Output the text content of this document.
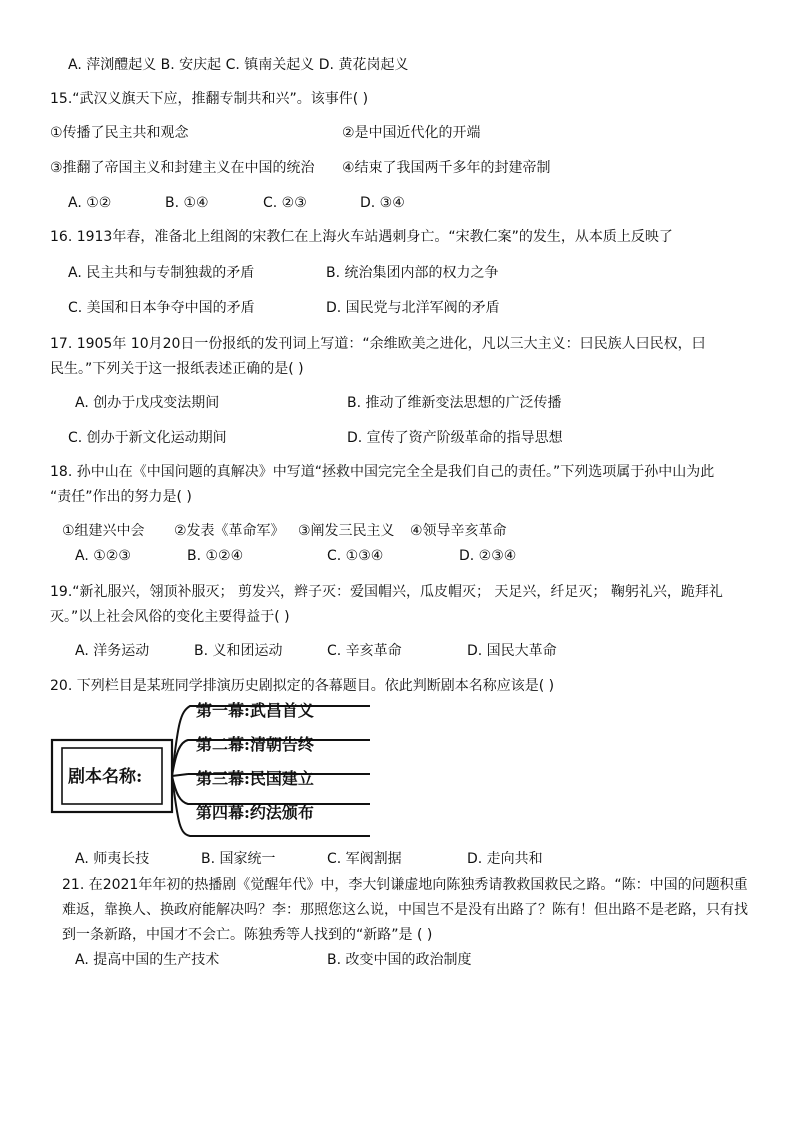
A. 萍浏醴起义 B. 安庆起 C. 镇南关起义 D. 黄花岗起义
15.“武汉义旗天下应，推翻专制共和兴”。该事件( )
①传播了民主共和观念	②是中国近代化的开端
③推翻了帝国主义和封建主义在中国的统治 ④结束了我国两千多年的封建帝制
A. ①②	B. ①④	C. ②③	D. ③④
16. 1913年春，准备北上组阁的宋教仁在上海火车站遇刺身亡。“宋教仁案”的发生，从本质上反映了
A. 民主共和与专制独裁的矛盾	B. 统治集团内部的权力之争
C. 美国和日本争夺中国的矛盾	D. 国民党与北洋军阀的矛盾
17. 1905年 10月20日一份报纸的发刊词上写道：“余维欧美之进化，凡以三大主义：曰民族人曰民权，曰
民生。”下列关于这一报纸表述正确的是( )
A. 创办于戊戌变法期间	B. 推动了维新变法思想的广泛传播
C. 创办于新文化运动期间	D. 宣传了资产阶级革命的指导思想
18. 孙中山在《中国问题的真解决》中写道“拯救中国完完全全是我们自己的责任。”下列选项属于孙中山为此
“责任”作出的努力是( )
①组建兴中会 ②发表《革命军》 ③阐发三民主义 ④领导辛亥革命
A. ①②③	B. ①②④	C. ①③④	D. ②③④
19.“新礼服兴，翎顶补服灭； 剪发兴，辫子灭：爱国帽兴，瓜皮帽灭； 天足兴，纤足灭； 鞠躬礼兴，跪拜礼
灭。”以上社会风俗的变化主要得益于( )
A. 洋务运动	B. 义和团运动	C. 辛亥革命	D. 国民大革命
20. 下列栏目是某班同学排演历史剧拟定的各幕题目。依此判断剧本名称应该是( )
剧本名称:
第一幕:武昌首义
第二幕:清朝告终
第三幕:民国建立
第四幕:约法颁布
A. 师夷长技	B. 国家统一	C. 军阀割据	D. 走向共和
21. 在2021年年初的热播剧《觉醒年代》中，李大钊谦虚地向陈独秀请教救国救民之路。“陈：中国的问题积重
难返，靠换人、换政府能解决吗？李：那照您这么说，中国岂不是没有出路了？陈有！但出路不是老路，只有找
到一条新路，中国才不会亡。陈独秀等人找到的“新路”是 ( )
A. 提高中国的生产技术	B. 改变中国的政治制度
